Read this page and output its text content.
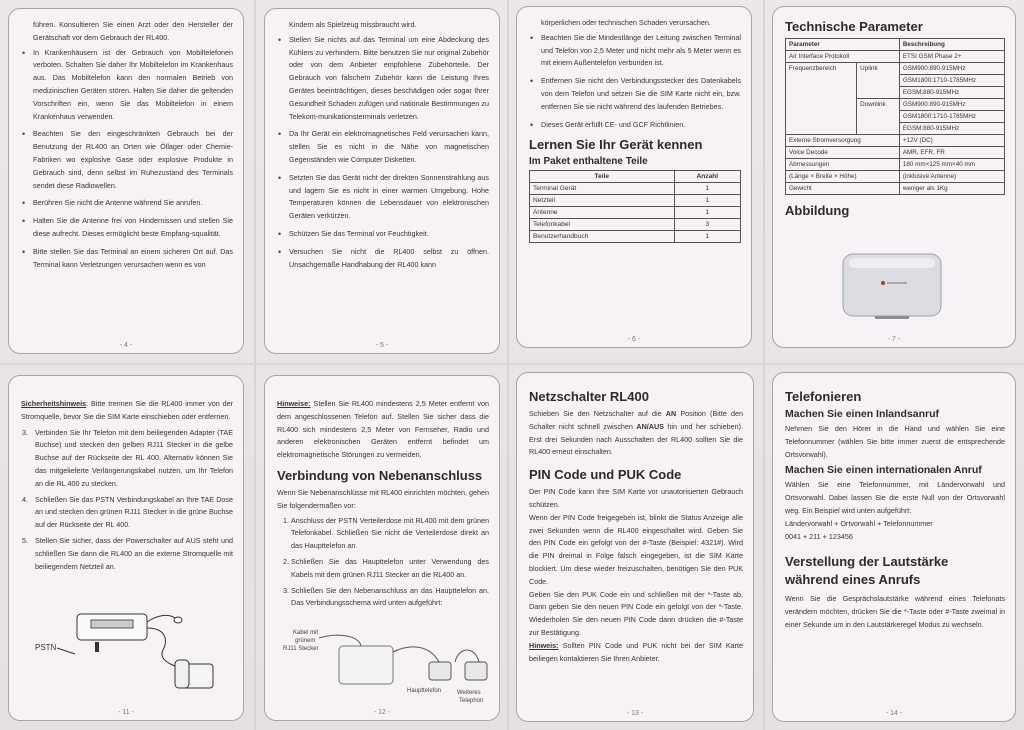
führen. Konsultieren Sie einen Arzt oder den Hersteller der Gerätschaft vor dem Gebrauch der RL400.

• In Krankenhäusern ist der Gebrauch von Mobiltelefonen verboten. Schalten Sie daher Ihr Mobiltelefon im Krankenhaus aus. Das Mobiltelefon kann den normalen Betrieb von medizinischen Geräten stören. Halten Sie daher die geltenden Vorschriften ein, wenn Sie das Mobiltelefon in einem Krankenhaus verwenden.
• Beachten Sie den eingeschränkten Gebrauch bei der Benutzung der RL400 an Orten wie Öllager oder Chemie-Fabriken wo explosive Gase oder explosive Produkte in Gebrauch sind, denn selbst im Ruhezustand des Terminals sendet diese Radiowellen.
• Berühren Sie nicht die Antenne während Sie anrufen.
• Halten Sie die Antenne frei von Hindernissen und stellen Sie diese aufrecht. Dieses ermöglicht beste Empfang-squalität.
• Bitte stellen Sie das Terminal an einem sicheren Ort auf. Das Terminal kann Verletzungen verursachen wenn es von
- 4 -

Kindern als Spielzeug missbraucht wird.

• Stellen Sie nichts auf das Terminal um eine Abdeckung des Kühlers zu verhindern. Bitte benutzen Sie nur original Zubehör oder von dem Anbieter empfohlene Zubehörteile. Der Gebrauch von falschem Zubehör kann die Leistung Ihres Gerätes beeinträchtigen, dieses beschädigen oder sogar Ihrer Gesundheit Schaden zufügen und nationale Bestimmungen zu Telekom-munikationsterminals verletzen.
• Da Ihr Gerät ein elektromagnetisches Feld verursachen kann, stellen Sie es nicht in die Nähe von magnetischen Gegenständen wie Computer Disketten.
• Setzten Sie das Gerät nicht der direkten Sonnenstrahlung aus und lagern Sie es nicht in einer warmen Umgebung. Hohe Temperaturen können die Lebensdauer von elektronischen Geräten verkürzen.
• Schützen Sie das Terminal vor Feuchtigkeit.
• Versuchen Sie nicht die RL400 selbst zu öffnen. Unsachgemäße Handhabung der RL400 kann
- 5 -

körperlichen oder technischen Schaden verursachen.

• Beachten Sie die Mindestlänge der Leitung zwischen Terminal und Telefon von 2,5 Meter und nicht mehr als 5 Meter wenn es mit einem Außentelefon verbunden ist.
• Entfernen Sie nicht den Verbindungsstecker des Datenkabels von dem Telefon und setzen Sie die SIM Karte nicht ein, bzw. entfernen Sie sie nicht während des laufenden Betriebes.
• Dieses Gerät erfüllt CE- und GCF Richtlinien.
Lernen Sie Ihr Gerät kennen
Im Paket enthaltene Teile
Teile	Anzahl
Terminal Gerät	1
Netzteil	1
Antenne	1
Telefonkabel	3
Benutzerhandbuch	1
- 6 -
Technische Parameter
Parameter		Beschreibung
Air Interface Protokoll		ETSI GSM Phase 2+
Frequenzbereich	Uplink	GSM900:890-915MHz
		GSM1800:1710-1785MHz
		EGSM:880-915MHz
	Downlink	GSM900:890-915MHz
		GSM1800:1710-1785MHz
		EGSM:880-915MHz
Externe Stromversorgung		+12V (DC)
Voice Decode		AMR, EFR, FR
Abmessungen		180 mm×125 mm×40 mm
(Länge × Breite × Höhe)		(inklusive Antenne)
Gewicht		weniger als 1Kg
Abbildung
- 7 -

Sicherheitshinweis: Bitte trennen Sie die RL400 immer von der Stromquelle, bevor Sie die SIM Karte einschieben oder entfernen.

3. Verbinden Sie Ihr Telefon mit dem beiliegenden Adapter (TAE Buchse) und stecken den gelben RJ11 Stecker in die gelbe Buchse auf der Rückseite der RL 400. Alternativ können Sie das mitgelieferte Verlängerungskabel nutzen, um Ihr Telefon an die RL 400 zu stecken.
4. Schließen Sie das PSTN Verbindungskabel an Ihre TAE Dose an und stecken den grünen RJ11 Stecker in die grüne Buchse auf der Rückseite der RL 400.
5. Stellen Sie sicher, dass der Powerschalter auf AUS steht und schließen Sie dann die RL400 an die externe Stromquelle mit beiliegendem Netzteil an.
PSTN
- 11 -

Hinweise: Stellen Sie RL400 mindestens 2,5 Meter entfernt von dem angeschlossenen Telefon auf. Stellen Sie sicher dass die RL400 sich mindestens 2,5 Meter von Fernseher, Radio und anderen elektronischen Geräten entfernt befindet um elektromagnetische Störungen zu vermeiden.

Verbindung von Nebenanschluss

Wenn Sie Nebenanschlüsse mit RL400 einrichten möchten, gehen Sie folgendermaßen vor:

1. Anschluss der PSTN Verteilerdose mit RL400 mit dem grünen Telefonkabel. Schließen Sie nicht die Verteilerdose direkt an das Haupttelefon an.
2. Schließen Sie das Haupttelefon unter Verwendung des Kabels mit dem grünen RJ11 Stecker an die RL400 an.
3. Schließen Sie den Nebenanschluss an das Haupttelefon an. Das Verbindungsschema wird unten aufgeführt:
Kabel mit
grünem
RJ11 Stecker
Haupttelefon	Weiteres
Telephon
- 12 -
Netzschalter RL400

Schieben Sie den Netzschalter auf die AN Position (Bitte den Schalter nicht schnell zwischen AN/AUS hin und her schieben). Erst drei Sekunden nach Ausschalten der RL400 sollten Sie die RL400 erneut einschalten.

PIN Code und PUK Code

Der PIN Code kann Ihre SIM Karte vor unautorisierten Gebrauch schützen.

Wenn der PIN Code freigegeben ist, blinkt die Status Anzeige alle zwei Sekunden wenn die RL400 eingeschaltet wird. Geben Sie den PIN Code ein gefolgt von der #-Taste (Beispiel: 4321#). Wird die PIN dreimal in Folge falsch eingegeben, ist die SIM Karte blockiert. Um diese wieder freizuschalten, benötigen Sie den PUK Code.

Geben Sie den PUK Code ein und schließen mit der *-Taste ab. Dann geben Sie den neuen PIN Code ein gefolgt von der *-Taste. Wiederholen Sie den neuen PIN Code dann drücken die #-Taste zur Bestätigung.

Hinweis: Sollten PIN Code und PUK nicht bei der SIM Karte beiliegen kontaktieren Sie Ihren Anbieter.

- 13 -
Telefonieren
Machen Sie einen Inlandsanruf

Nehmen Sie den Hörer in die Hand und wählen Sie eine Telefonnummer (wählen Sie bitte immer zuerst die entsprechende Ortsvorwahl).

Machen Sie einen internationalen Anruf

Wählen Sie eine Telefonnummer, mit Ländervorwahl und Ortsvorwahl. Dabei lassen Sie die erste Null von der Ortsvorwahl weg. Ein Beispiel wird unten aufgeführt:

Ländervorwahl + Ortvorwahl + Telefonnummer

0041 + 211 + 123456

Verstellung der Lautstärke während eines Anrufs

Wenn Sie die Gesprächslautstärke während eines Telefonats verändern möchten, drücken Sie die *-Taste oder #-Taste zweimal in einer Sekunde um in den Lautstärkeregel Modus zu wechseln.

- 14 -
